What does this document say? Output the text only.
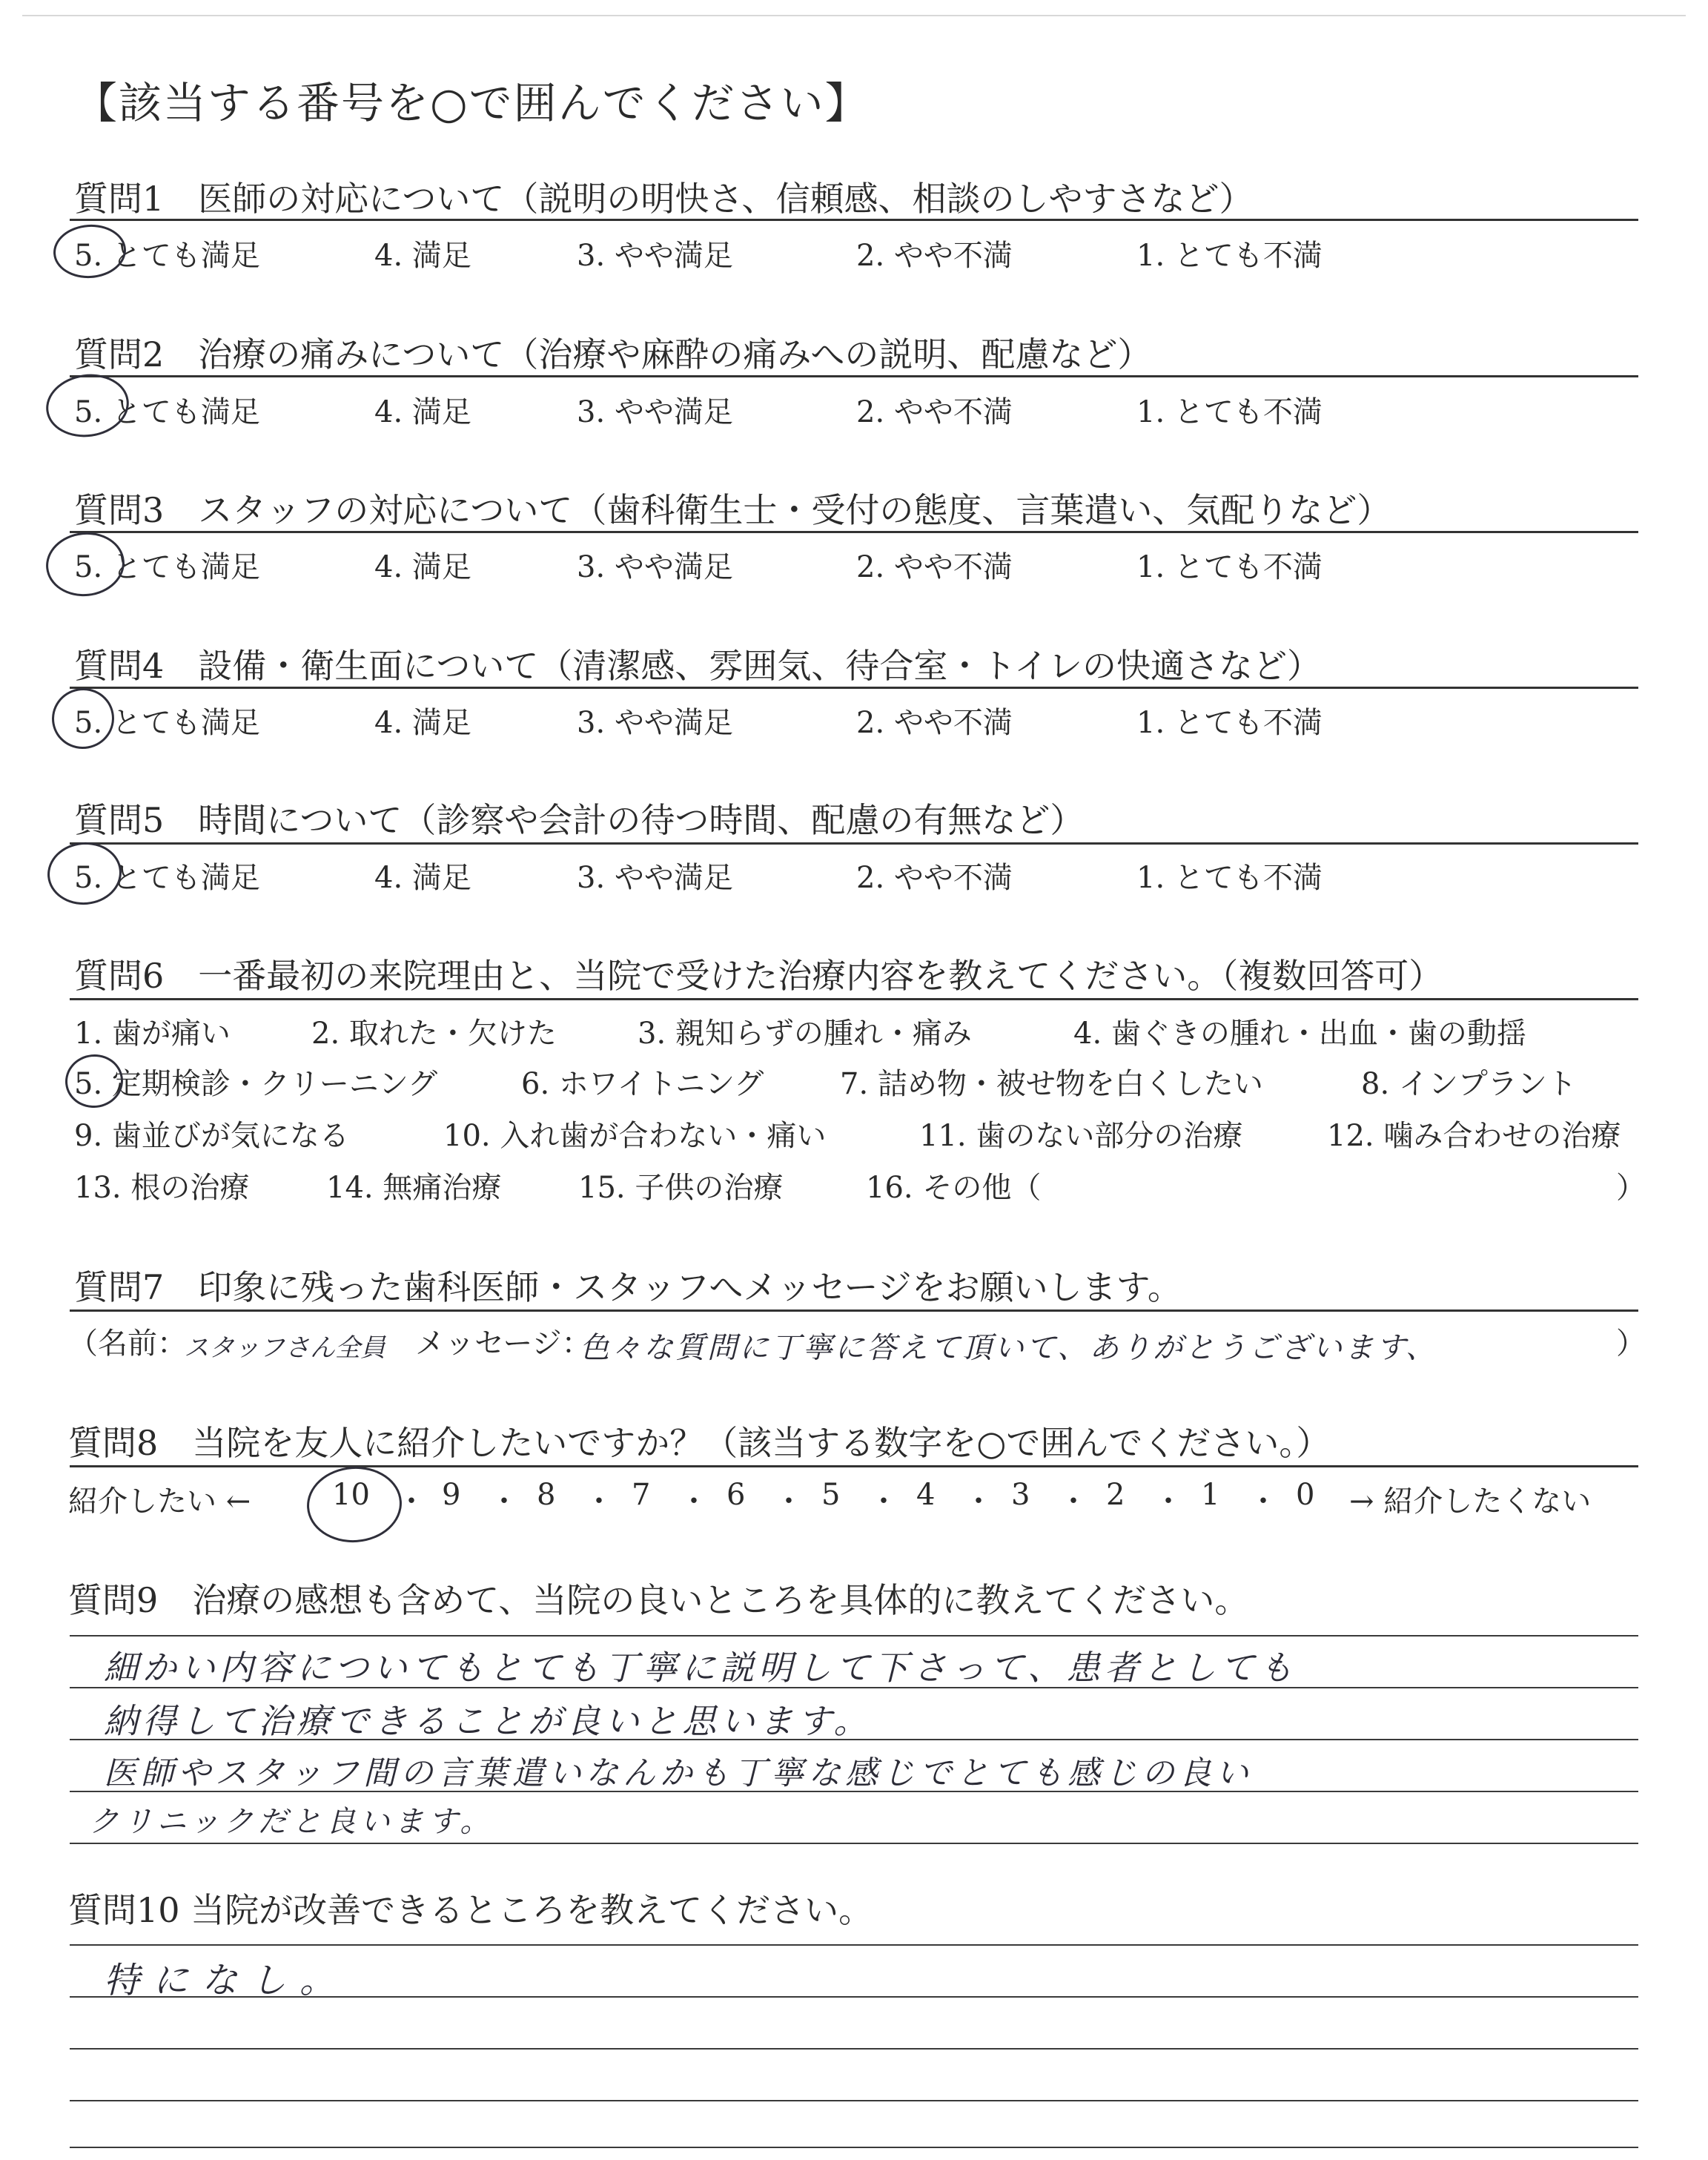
【該当する番号を○で囲んでください】
質問1　医師の対応について（説明の明快さ、信頼感、相談のしやすさなど）
5. とても満足	4. 満足	3. やや満足	2. やや不満	1. とても不満
質問2　治療の痛みについて（治療や麻酔の痛みへの説明、配慮など）
5. とても満足	4. 満足	3. やや満足	2. やや不満	1. とても不満
質問3　スタッフの対応について（歯科衛生士・受付の態度、言葉遣い、気配りなど）
5. とても満足	4. 満足	3. やや満足	2. やや不満	1. とても不満
質問4　設備・衛生面について（清潔感、雰囲気、待合室・トイレの快適さなど）
5. とても満足	4. 満足	3. やや満足	2. やや不満	1. とても不満
質問5　時間について（診察や会計の待つ時間、配慮の有無など）
5. とても満足	4. 満足	3. やや満足	2. やや不満	1. とても不満
質問6　一番最初の来院理由と、当院で受けた治療内容を教えてください。（複数回答可）
1. 歯が痛い	2. 取れた・欠けた	3. 親知らずの腫れ・痛み	4. 歯ぐきの腫れ・出血・歯の動揺
5. 定期検診・クリーニング	6. ホワイトニング	7. 詰め物・被せ物を白くしたい	8. インプラント
9. 歯並びが気になる	10. 入れ歯が合わない・痛い	11. 歯のない部分の治療	12. 噛み合わせの治療
13. 根の治療	14. 無痛治療	15. 子供の治療	16. その他（	）
質問7　印象に残った歯科医師・スタッフへメッセージをお願いします。
（名前：
スタッフさん全員 メッセージ：
色々な質問に丁寧に答えて頂いて、ありがとうございます、	）
質問8　当院を友人に紹介したいですか？（該当する数字を○で囲んでください。）
紹介したい ←	10 ・ 9 ・ 8 ・ 7 ・ 6 ・ 5 ・ 4 ・ 3 ・ 2 ・ 1 ・ 0 → 紹介したくない
質問9　治療の感想も含めて、当院の良いところを具体的に教えてください。
細かい内容についてもとても丁寧に説明して下さって、患者としても
納得して治療できることが良いと思います。
医師やスタッフ間の言葉遣いなんかも丁寧な感じでとても感じの良い
クリニックだと良います。
質問10 当院が改善できるところを教えてください。
特になし。
